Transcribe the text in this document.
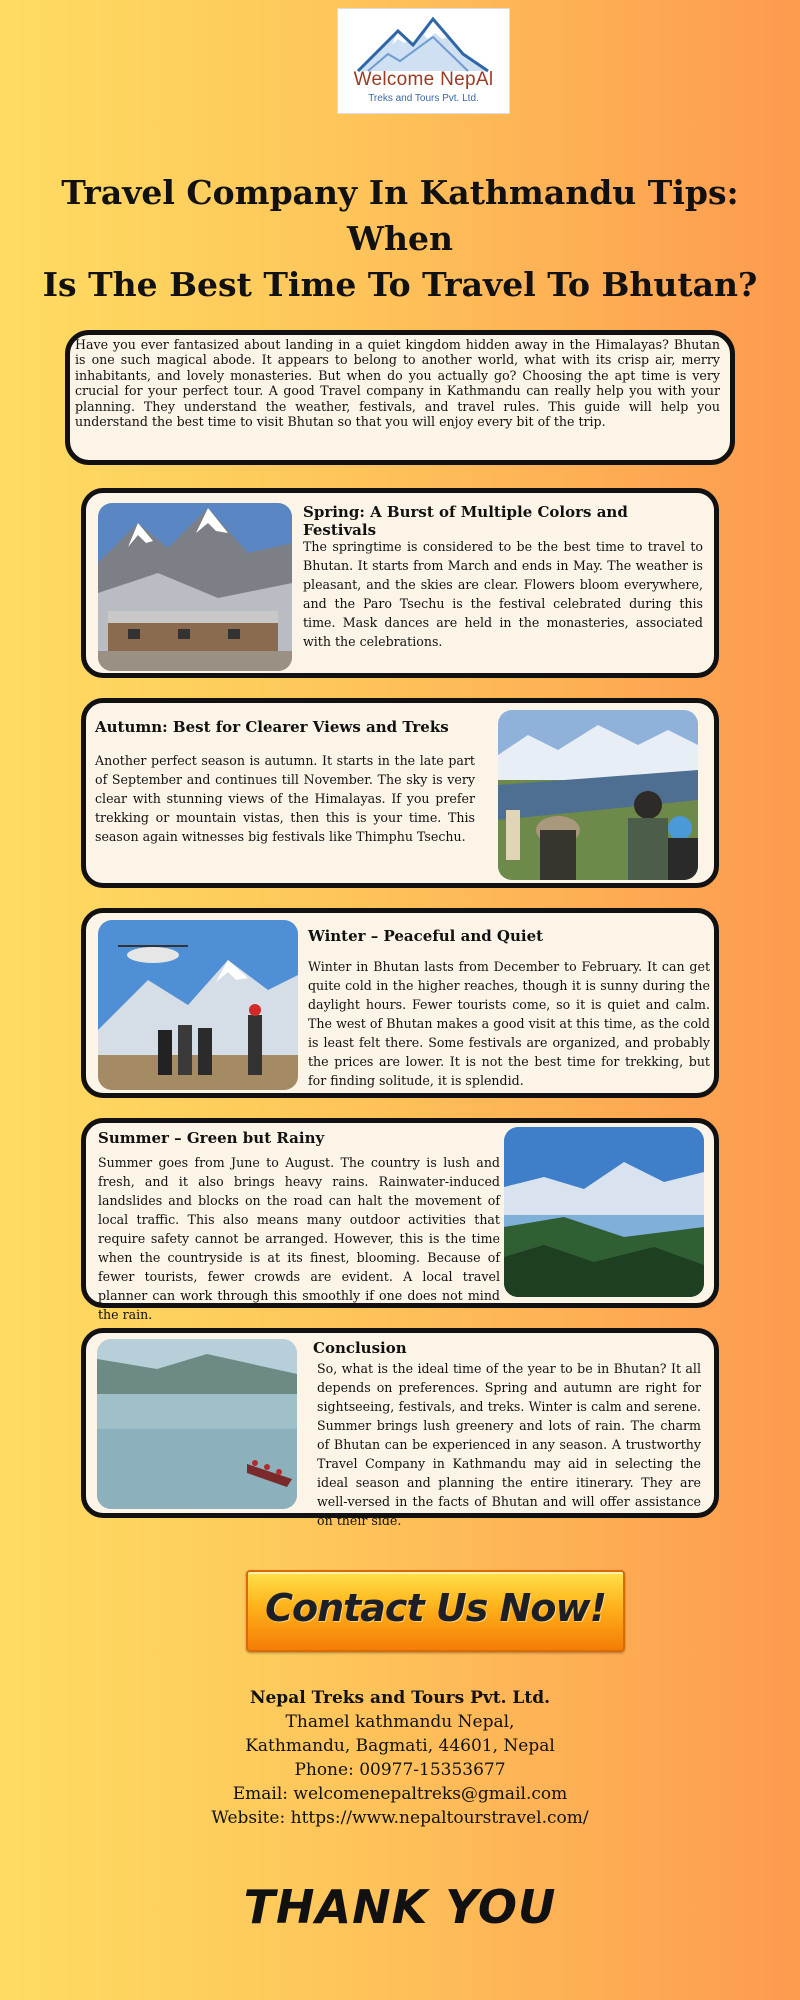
Welcome NepAl
Treks and Tours Pvt. Ltd.
Travel Company In Kathmandu Tips: When
Is The Best Time To Travel To Bhutan?
Have you ever fantasized about landing in a quiet kingdom hidden away in the Himalayas? Bhutan is one such magical abode. It appears to belong to another world, what with its crisp air, merry inhabitants, and lovely monasteries. But when do you actually go? Choosing the apt time is very crucial for your perfect tour. A good Travel company in Kathmandu can really help you with your planning. They understand the weather, festivals, and travel rules. This guide will help you understand the best time to visit Bhutan so that you will enjoy every bit of the trip.
Spring: A Burst of Multiple Colors and Festivals
The springtime is considered to be the best time to travel to Bhutan. It starts from March and ends in May. The weather is pleasant, and the skies are clear. Flowers bloom everywhere, and the Paro Tsechu is the festival celebrated during this time. Mask dances are held in the monasteries, associated with the celebrations.
Autumn: Best for Clearer Views and Treks
Another perfect season is autumn. It starts in the late part of September and continues till November. The sky is very clear with stunning views of the Himalayas. If you prefer trekking or mountain vistas, then this is your time. This season again witnesses big festivals like Thimphu Tsechu.
Winter – Peaceful and Quiet
Winter in Bhutan lasts from December to February. It can get quite cold in the higher reaches, though it is sunny during the daylight hours. Fewer tourists come, so it is quiet and calm. The west of Bhutan makes a good visit at this time, as the cold is least felt there. Some festivals are organized, and probably the prices are lower. It is not the best time for trekking, but for finding solitude, it is splendid.
Summer – Green but Rainy
Summer goes from June to August. The country is lush and fresh, and it also brings heavy rains. Rainwater-induced landslides and blocks on the road can halt the movement of local traffic. This also means many outdoor activities that require safety cannot be arranged. However, this is the time when the countryside is at its finest, blooming. Because of fewer tourists, fewer crowds are evident. A local travel planner can work through this smoothly if one does not mind the rain.
Conclusion
So, what is the ideal time of the year to be in Bhutan? It all depends on preferences. Spring and autumn are right for sightseeing, festivals, and treks. Winter is calm and serene. Summer brings lush greenery and lots of rain. The charm of Bhutan can be experienced in any season. A trustworthy Travel Company in Kathmandu may aid in selecting the ideal season and planning the entire itinerary. They are well-versed in the facts of Bhutan and will offer assistance on their side.
Contact Us Now!
Nepal Treks and Tours Pvt. Ltd.
Thamel kathmandu Nepal,
Kathmandu, Bagmati, 44601, Nepal
Phone: 00977-15353677
Email: welcomenepaltreks@gmail.com
Website: https://www.nepaltourstravel.com/
THANK YOU
